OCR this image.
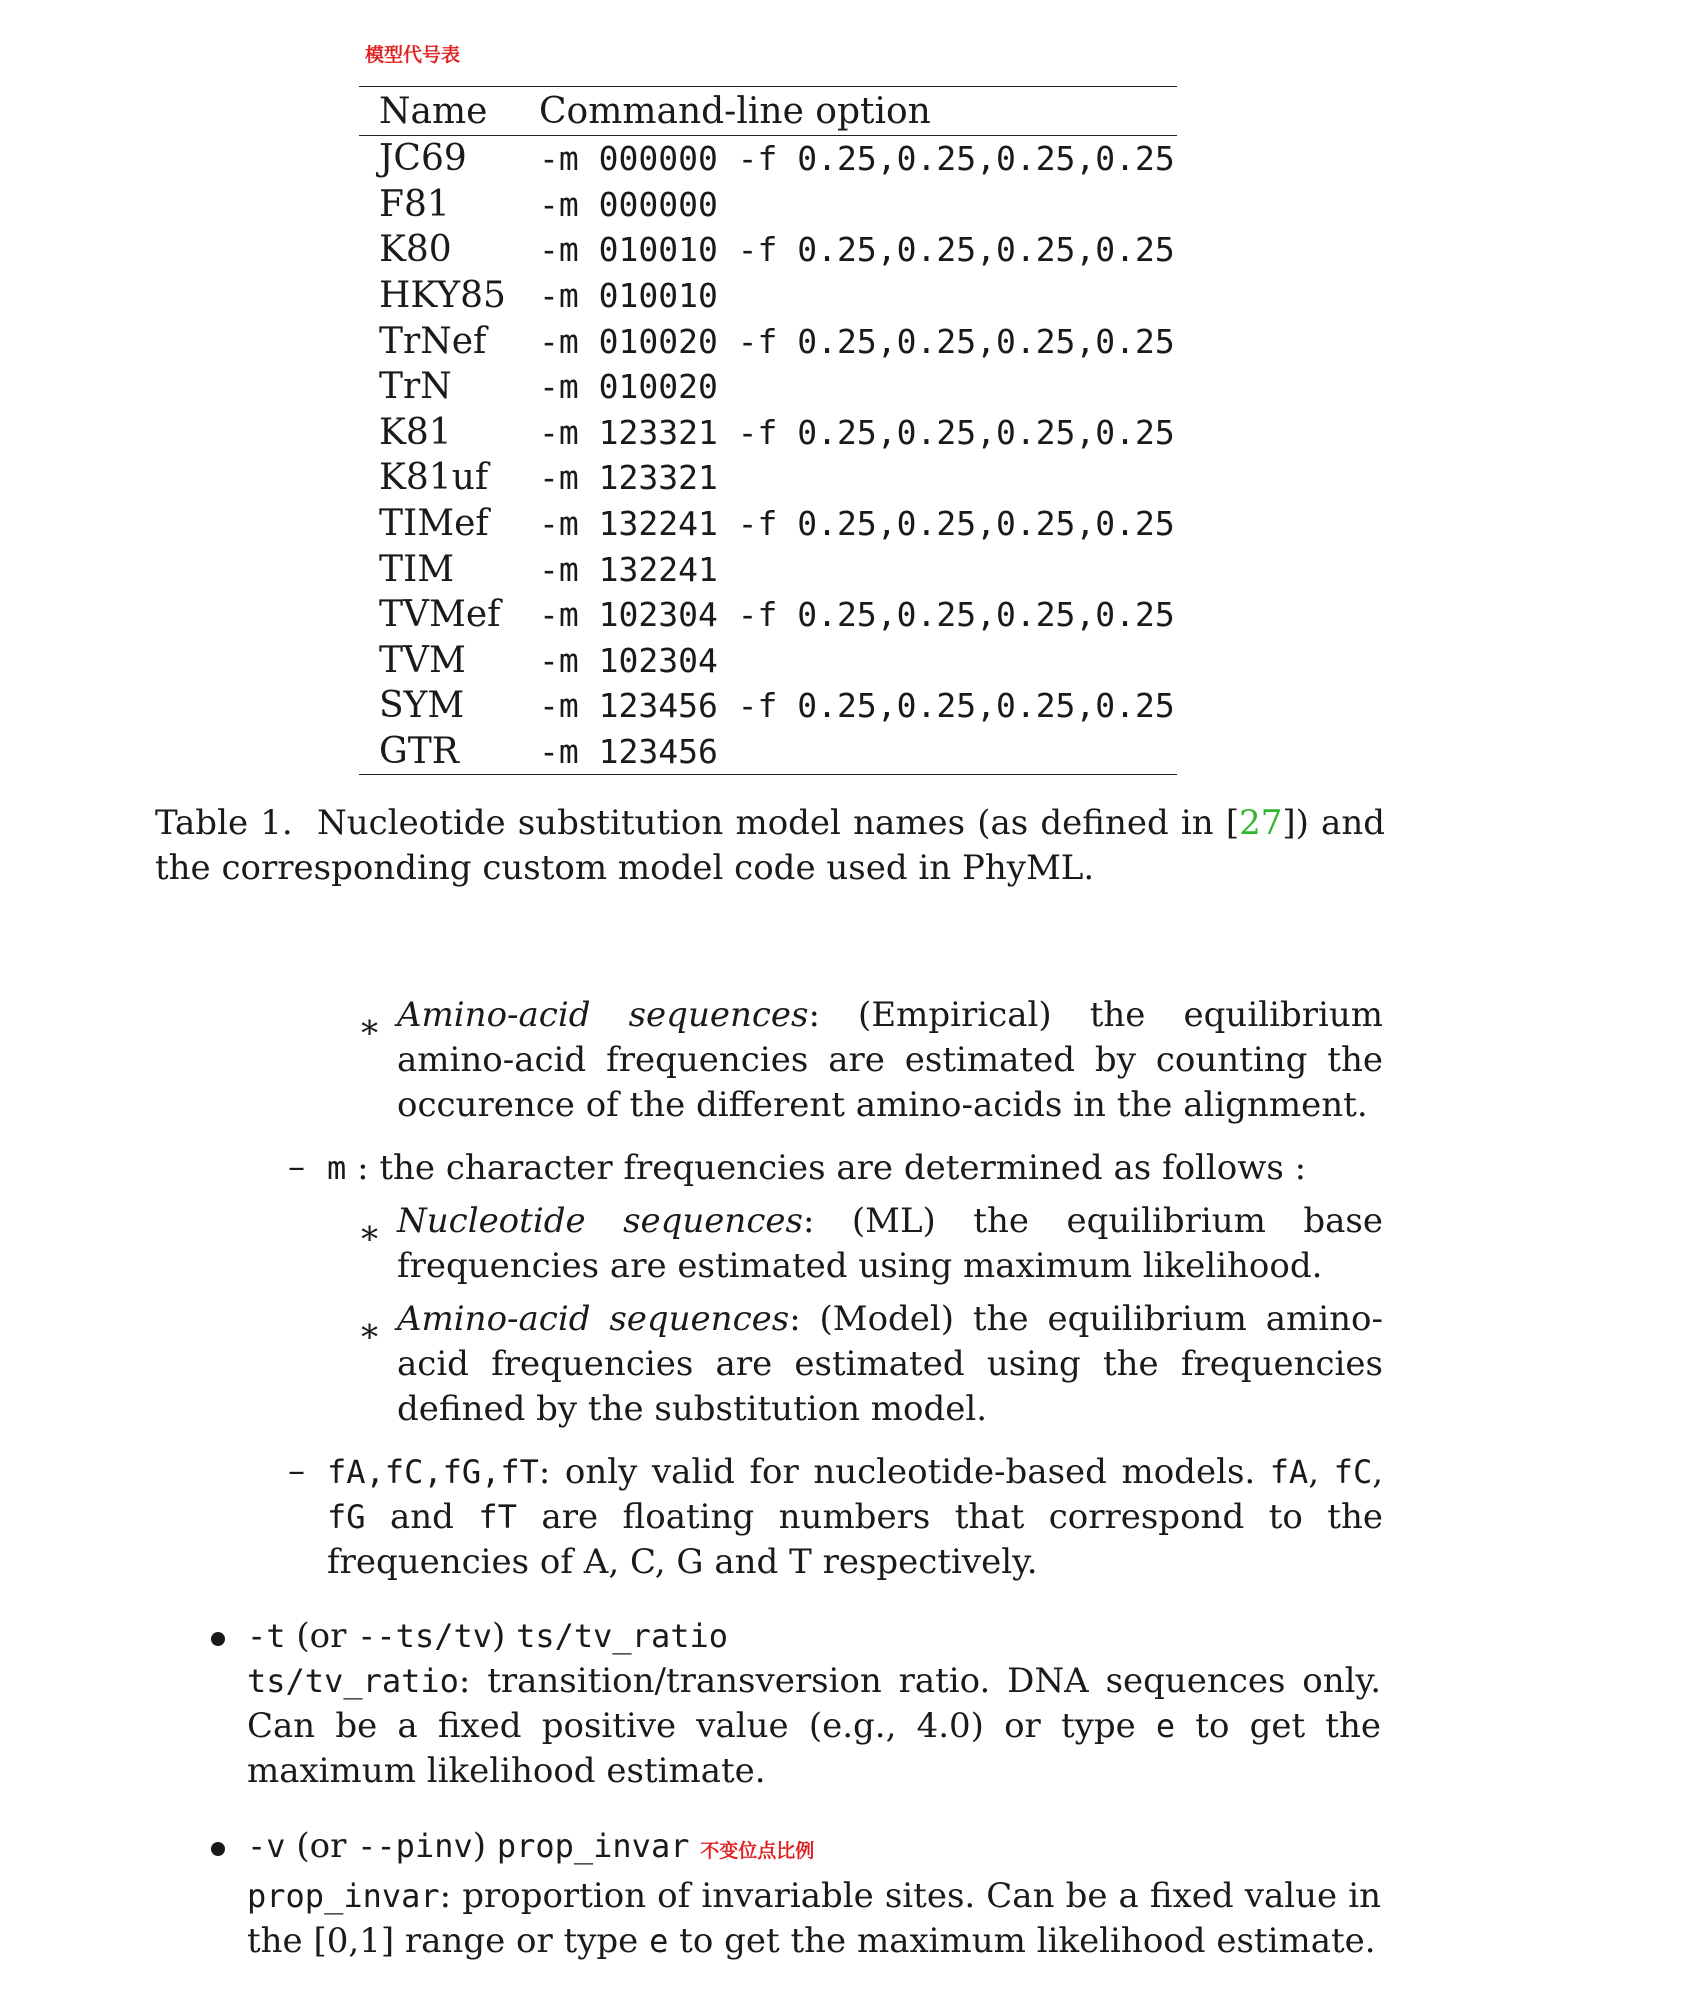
模型代号表
Name	Command-line option
JC69	-m 000000 -f 0.25,0.25,0.25,0.25
F81	-m 000000
K80	-m 010010 -f 0.25,0.25,0.25,0.25
HKY85	-m 010010
TrNef	-m 010020 -f 0.25,0.25,0.25,0.25
TrN	-m 010020
K81	-m 123321 -f 0.25,0.25,0.25,0.25
K81uf	-m 123321
TIMef	-m 132241 -f 0.25,0.25,0.25,0.25
TIM	-m 132241
TVMef	-m 102304 -f 0.25,0.25,0.25,0.25
TVM	-m 102304
SYM	-m 123456 -f 0.25,0.25,0.25,0.25
GTR	-m 123456
Table 1. Nucleotide substitution model names (as defined in [27]) and the corresponding custom model code used in PhyML.
∗ Amino-acid sequences: (Empirical) the equilibrium amino-acid frequencies are estimated by counting the occurence of the different amino-acids in the alignment.
– m : the character frequencies are determined as follows :
∗ Nucleotide sequences: (ML) the equilibrium base frequencies are estimated using maximum likelihood.
∗ Amino-acid sequences: (Model) the equilibrium amino-acid frequencies are estimated using the frequencies defined by the substitution model.
– fA,fC,fG,fT: only valid for nucleotide-based models. fA, fC, fG and fT are floating numbers that correspond to the frequencies of A, C, G and T respectively.
-t (or --ts/tv) ts/tv_ratio
ts/tv_ratio: transition/transversion ratio. DNA sequences only. Can be a fixed positive value (e.g., 4.0) or type e to get the maximum likelihood estimate.
-v (or --pinv) prop_invar 不变位点比例
prop_invar: proportion of invariable sites. Can be a fixed value in the [0,1] range or type e to get the maximum likelihood estimate.
